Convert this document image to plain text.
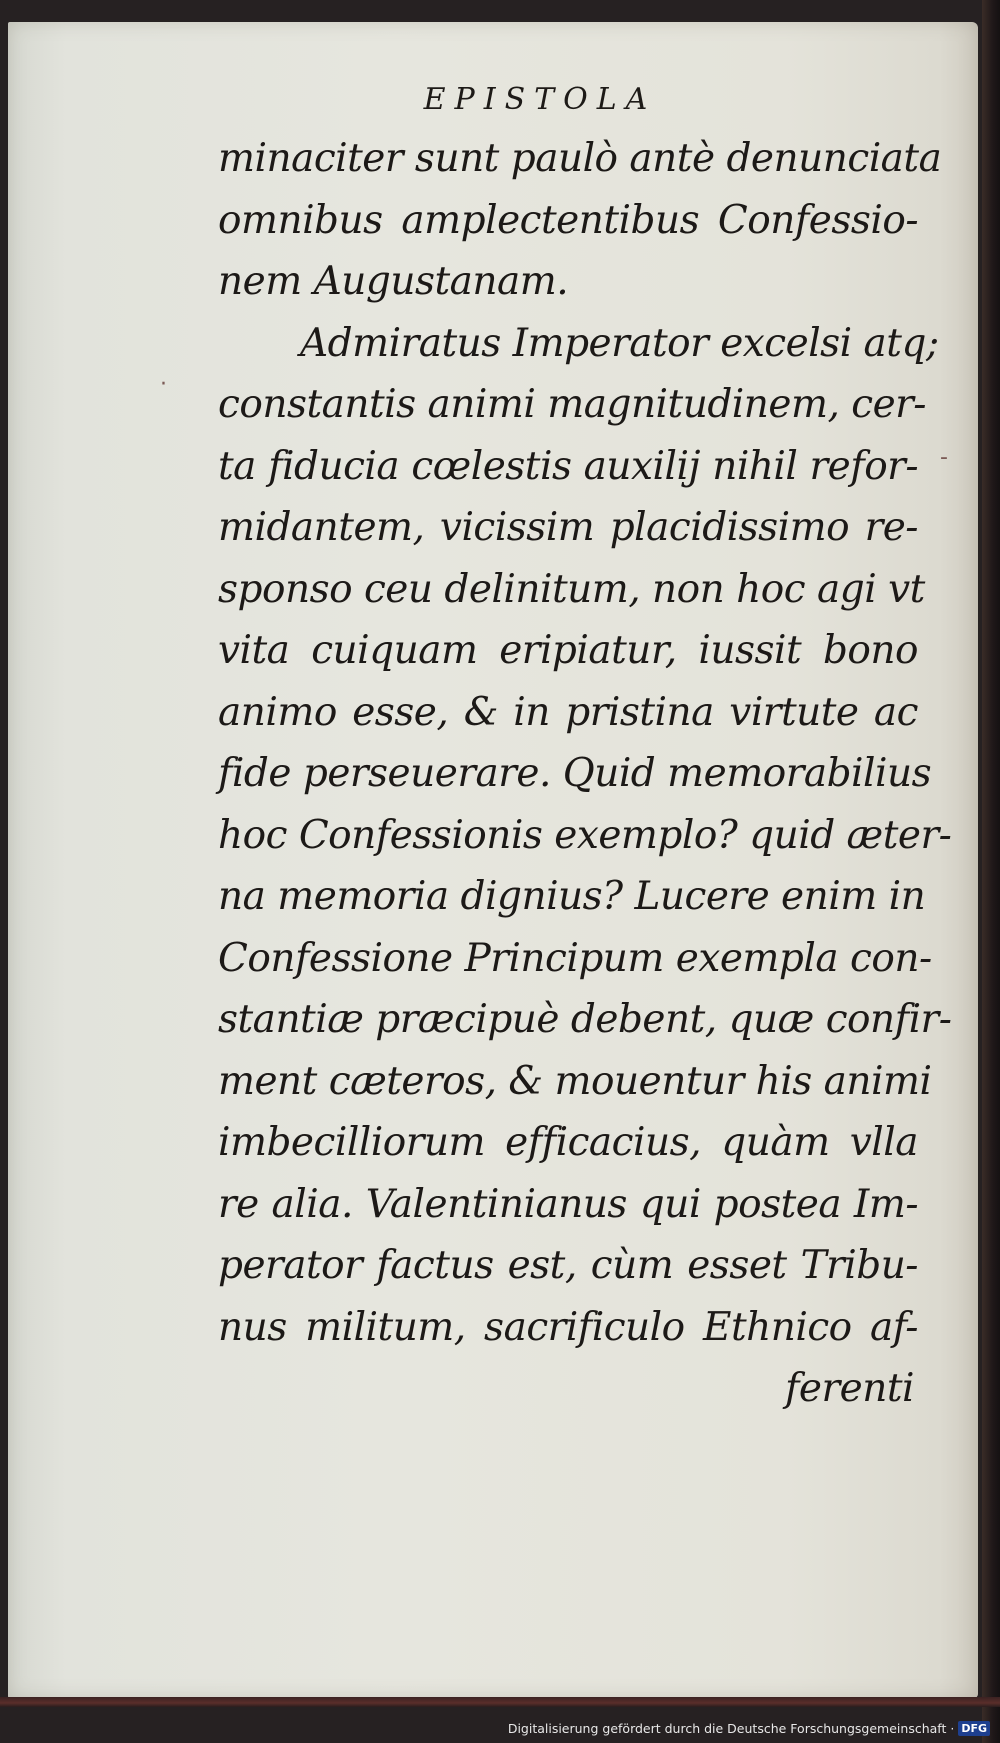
EPISTOLA
minaciter sunt paulò antè denunciata
omnibus amplectentibus Confessio-
nem Augustanam.
Admiratus Imperator excelsi atq;
constantis animi magnitudinem, cer-
ta fiducia cœlestis auxilij nihil refor-
midantem, vicissim placidissimo re-
sponso ceu delinitum, non hoc agi vt
vita cuiquam eripiatur, iussit bono
animo esse, & in pristina virtute ac
fide perseuerare. Quid memorabilius
hoc Confessionis exemplo? quid æter-
na memoria dignius? Lucere enim in
Confessione Principum exempla con-
stantiæ præcipuè debent, quæ confir-
ment cæteros, & mouentur his animi
imbecilliorum efficacius, quàm vlla
re alia. Valentinianus qui postea Im-
perator factus est, cùm esset Tribu-
nus militum, sacrificulo Ethnico af-
ferenti
·
-
Digitalisierung gefördert durch die Deutsche Forschungsgemeinschaft · DFG
